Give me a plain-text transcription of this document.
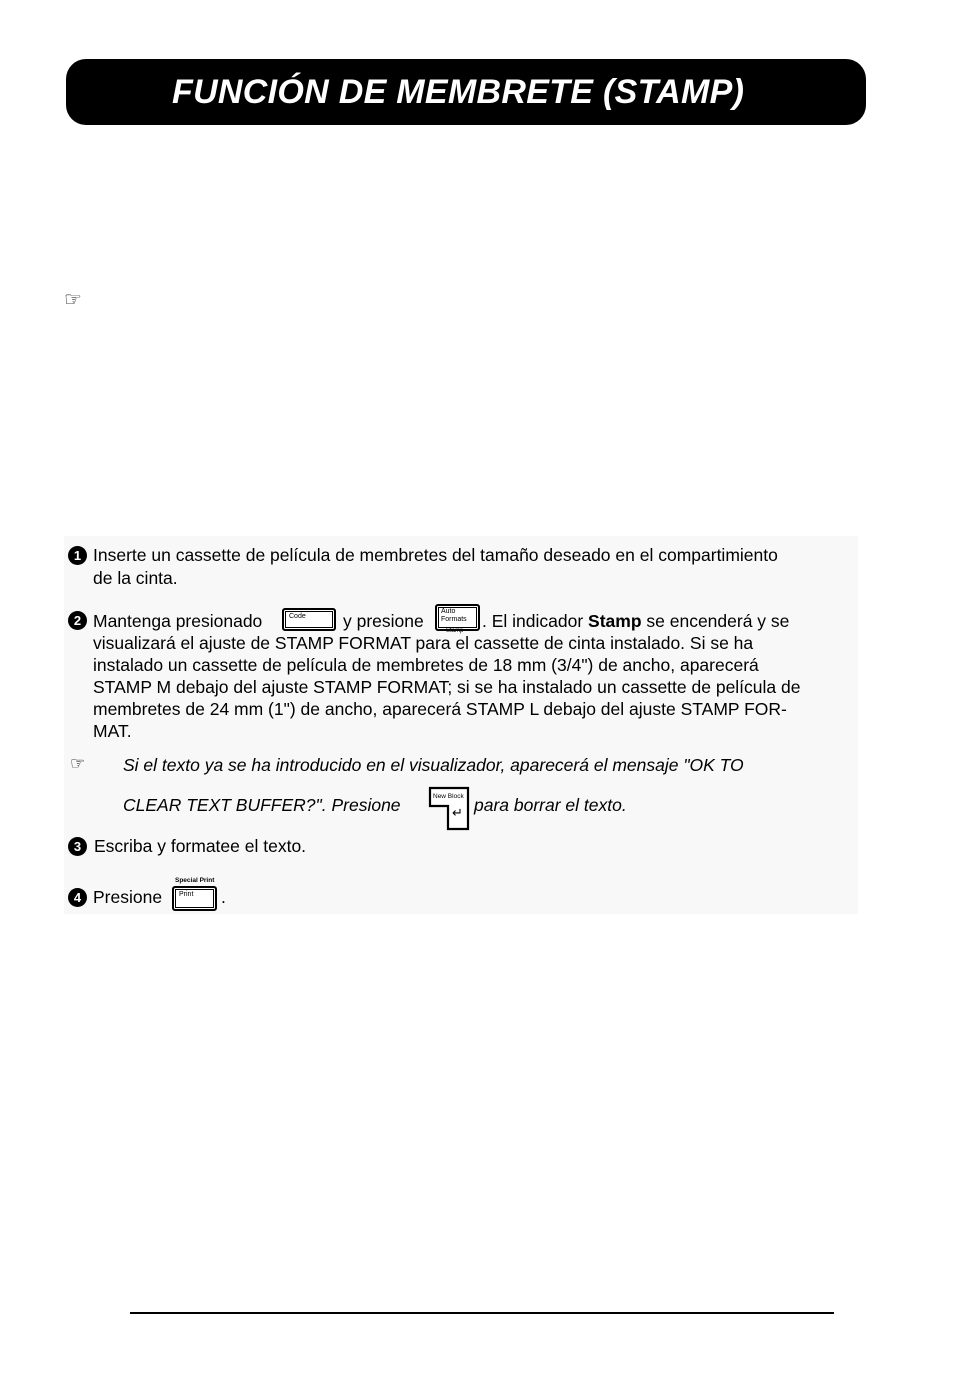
FUNCIÓN DE MEMBRETE (STAMP)
☞
1 Inserte un cassette de película de membretes del tamaño deseado en el compartimiento
de la cinta.
2 Mantenga presionado	Code y presione Auto
Formats
Stamp . El indicador Stamp se encenderá y se
visualizará el ajuste de STAMP FORMAT para el cassette de cinta instalado. Si se ha
instalado un cassette de película de membretes de 18 mm (3/4") de ancho, aparecerá
STAMP M debajo del ajuste STAMP FORMAT; si se ha instalado un cassette de película de
membretes de 24 mm (1") de ancho, aparecerá STAMP L debajo del ajuste STAMP FOR-
MAT.
☞ Si el texto ya se ha introducido en el visualizador, aparecerá el mensaje "OK TO
CLEAR TEXT BUFFER?". Presione	New Block
↵ para borrar el texto.
3 Escriba y formatee el texto.
4 Presione
Special Print
Print .
